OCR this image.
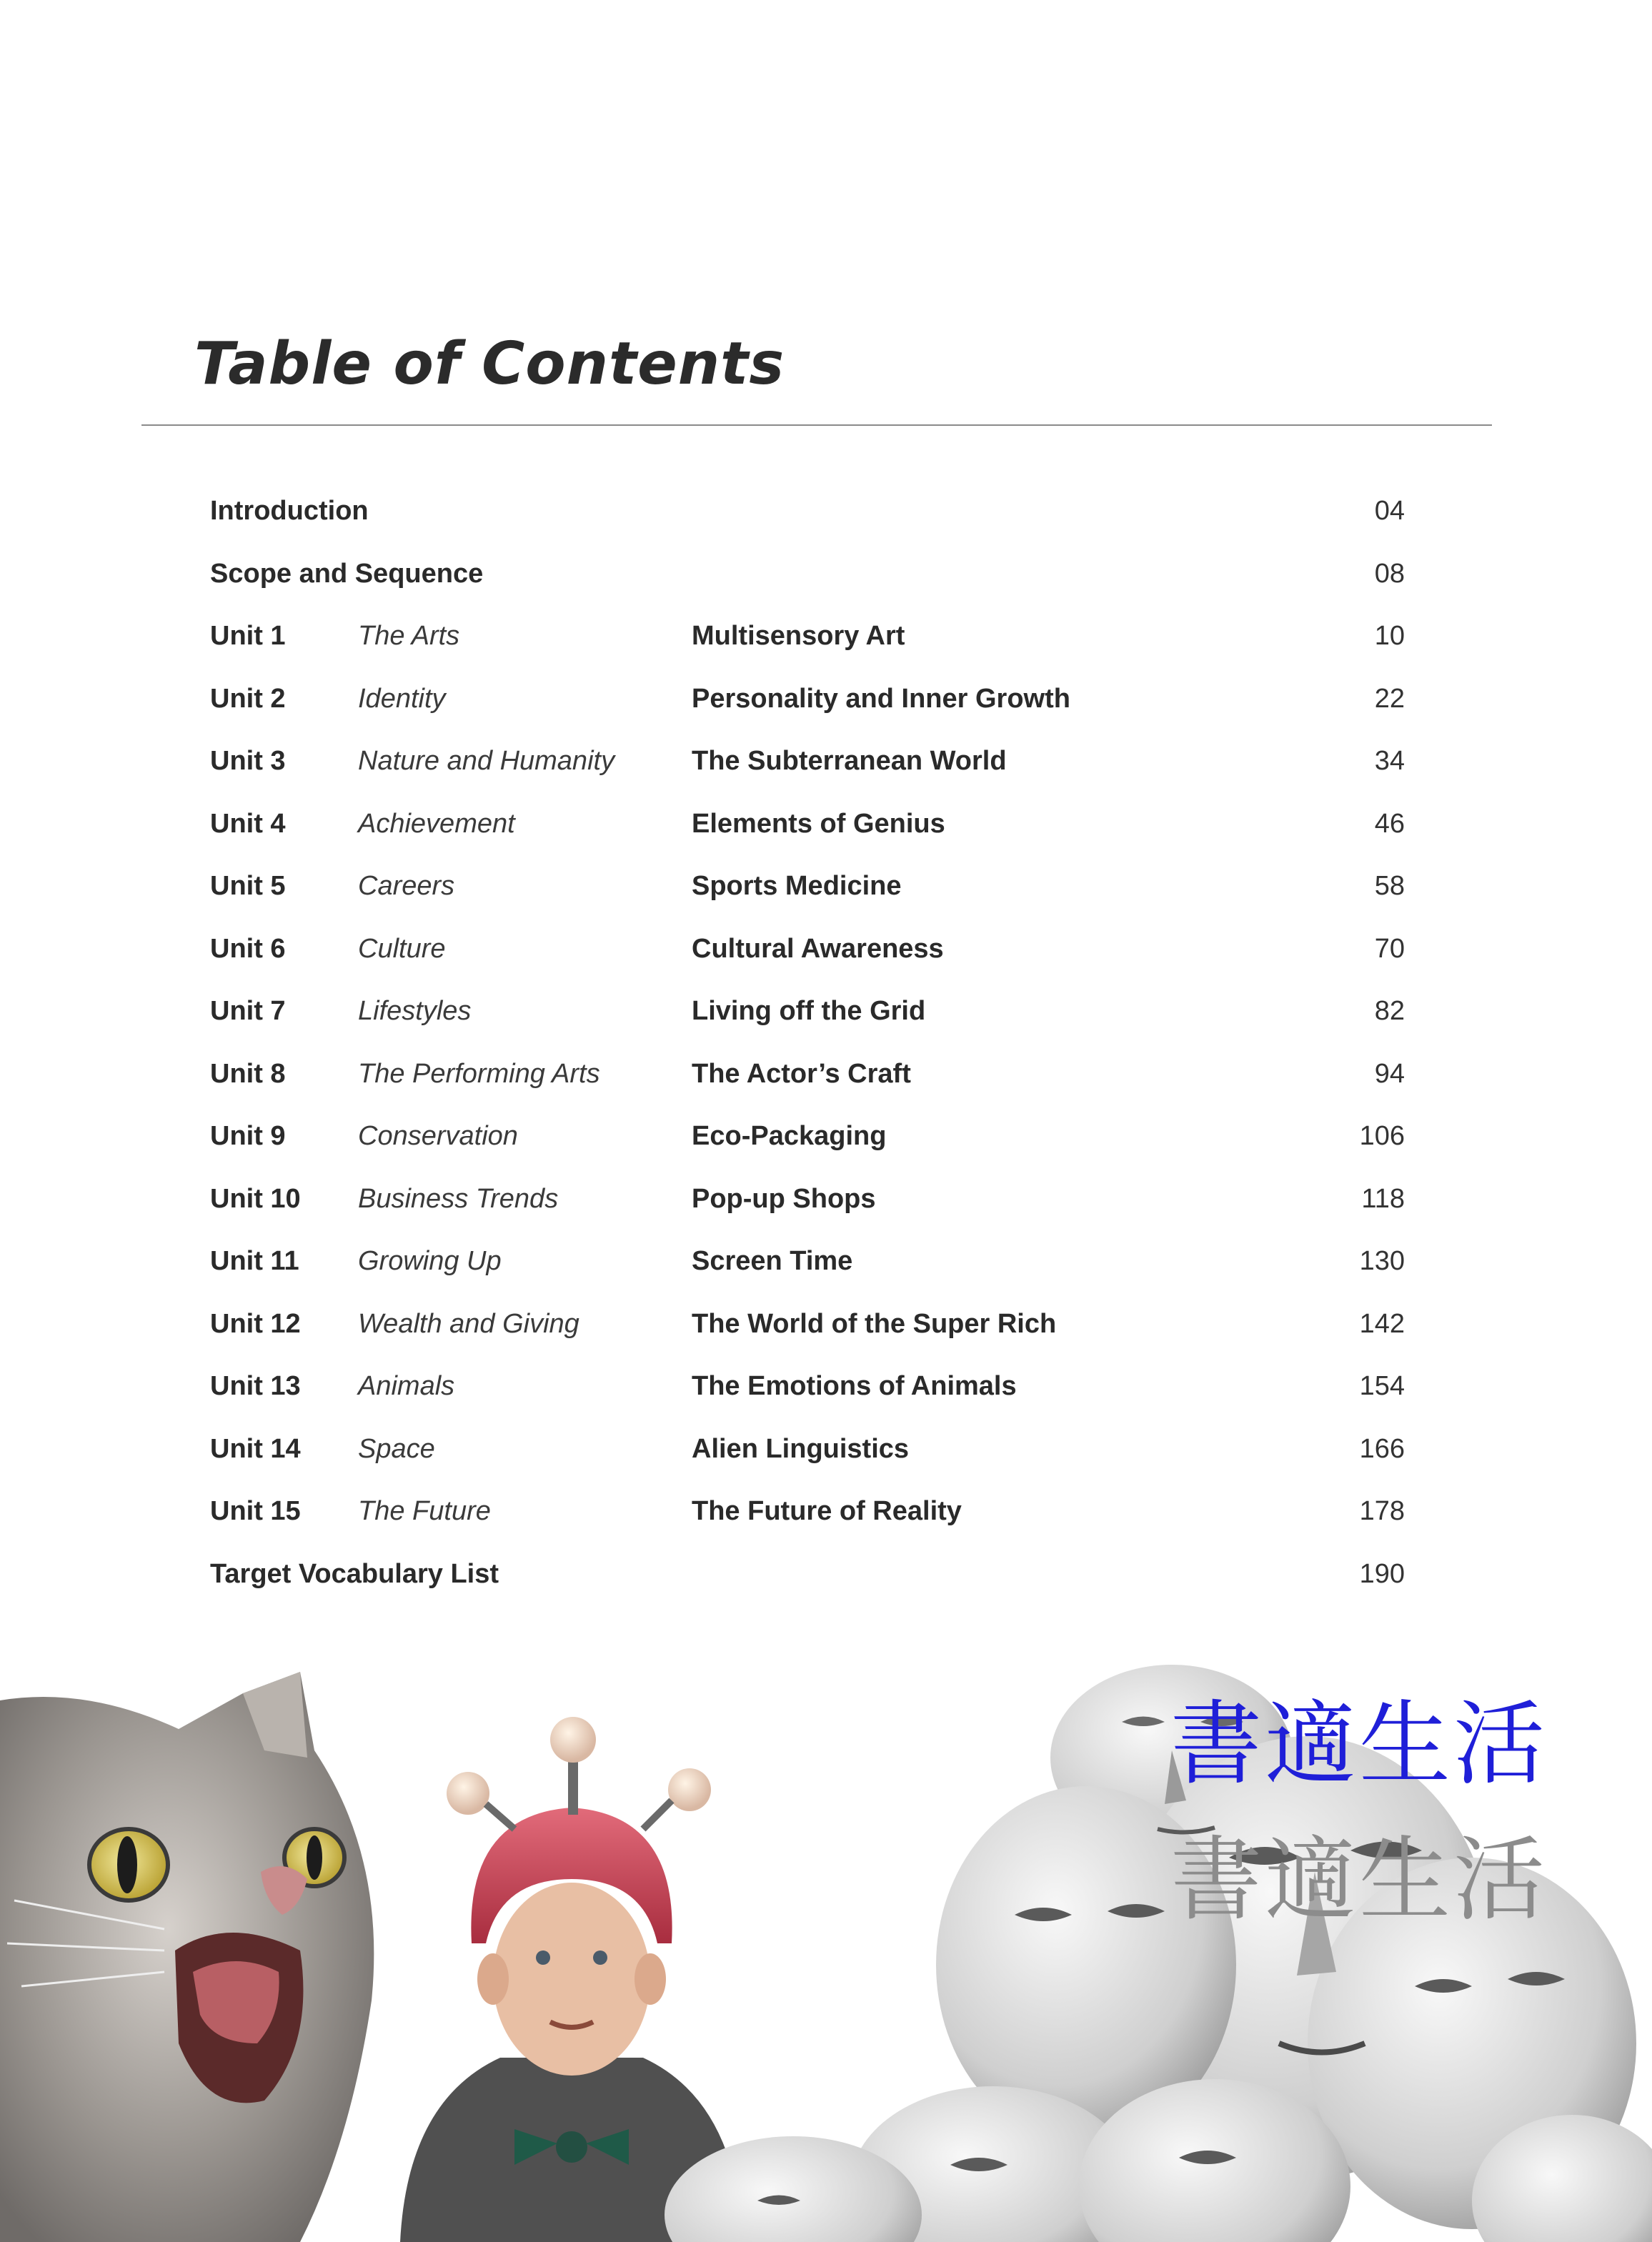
Table of Contents
Introduction	04
Scope and Sequence	08
Unit 1	The Arts	Multisensory Art	10
Unit 2	Identity	Personality and Inner Growth	22
Unit 3	Nature and Humanity	The Subterranean World	34
Unit 4	Achievement	Elements of Genius	46
Unit 5	Careers	Sports Medicine	58
Unit 6	Culture	Cultural Awareness	70
Unit 7	Lifestyles	Living off the Grid	82
Unit 8	The Performing Arts	The Actor’s Craft	94
Unit 9	Conservation	Eco-Packaging	106
Unit 10 Business Trends	Pop-up Shops	118
Unit 11 Growing Up	Screen Time	130
Unit 12 Wealth and Giving	The World of the Super Rich	142
Unit 13 Animals	The Emotions of Animals	154
Unit 14 Space	Alien Linguistics	166
Unit 15 The Future	The Future of Reality	178
Target Vocabulary List	190
書適生活
書適生活
